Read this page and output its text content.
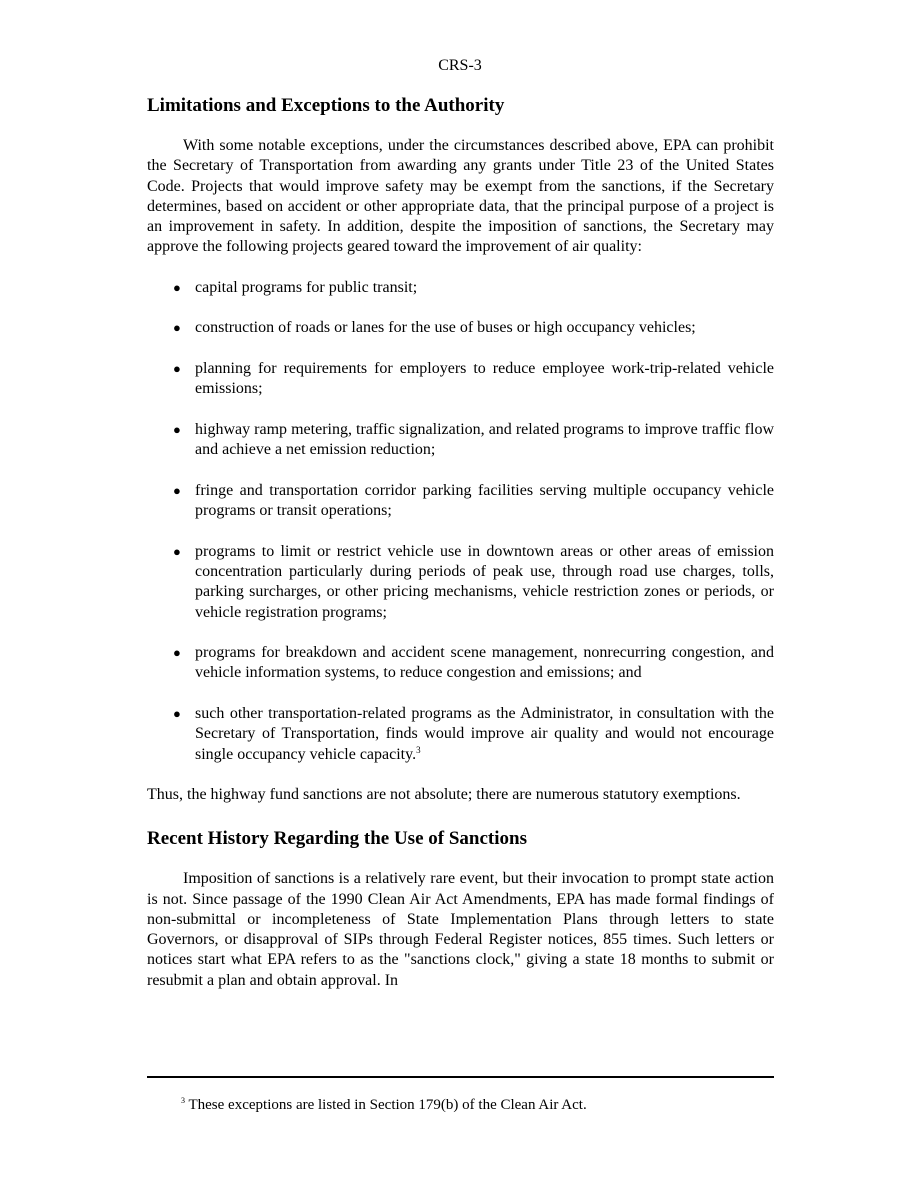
CRS-3
Limitations and Exceptions to the Authority

With some notable exceptions, under the circumstances described above, EPA can prohibit the Secretary of Transportation from awarding any grants under Title 23 of the United States Code. Projects that would improve safety may be exempt from the sanctions, if the Secretary determines, based on accident or other appropriate data, that the principal purpose of a project is an improvement in safety. In addition, despite the imposition of sanctions, the Secretary may approve the following projects geared toward the improvement of air quality:

● capital programs for public transit;
● construction of roads or lanes for the use of buses or high occupancy vehicles;
● planning for requirements for employers to reduce employee work-trip-related vehicle emissions;
● highway ramp metering, traffic signalization, and related programs to improve traffic flow and achieve a net emission reduction;
● fringe and transportation corridor parking facilities serving multiple occupancy vehicle programs or transit operations;
● programs to limit or restrict vehicle use in downtown areas or other areas of emission concentration particularly during periods of peak use, through road use charges, tolls, parking surcharges, or other pricing mechanisms, vehicle restriction zones or periods, or vehicle registration programs;
● programs for breakdown and accident scene management, nonrecurring congestion, and vehicle information systems, to reduce congestion and emissions; and
● such other transportation-related programs as the Administrator, in consultation with the Secretary of Transportation, finds would improve air quality and would not encourage single occupancy vehicle capacity.$^3$

Thus, the highway fund sanctions are not absolute; there are numerous statutory exemptions.

Recent History Regarding the Use of Sanctions

Imposition of sanctions is a relatively rare event, but their invocation to prompt state action is not. Since passage of the 1990 Clean Air Act Amendments, EPA has made formal findings of non-submittal or incompleteness of State Implementation Plans through letters to state Governors, or disapproval of SIPs through Federal Register notices, 855 times. Such letters or notices start what EPA refers to as the "sanctions clock," giving a state 18 months to submit or resubmit a plan and obtain approval. In

$^3$ These exceptions are listed in Section 179(b) of the Clean Air Act.
